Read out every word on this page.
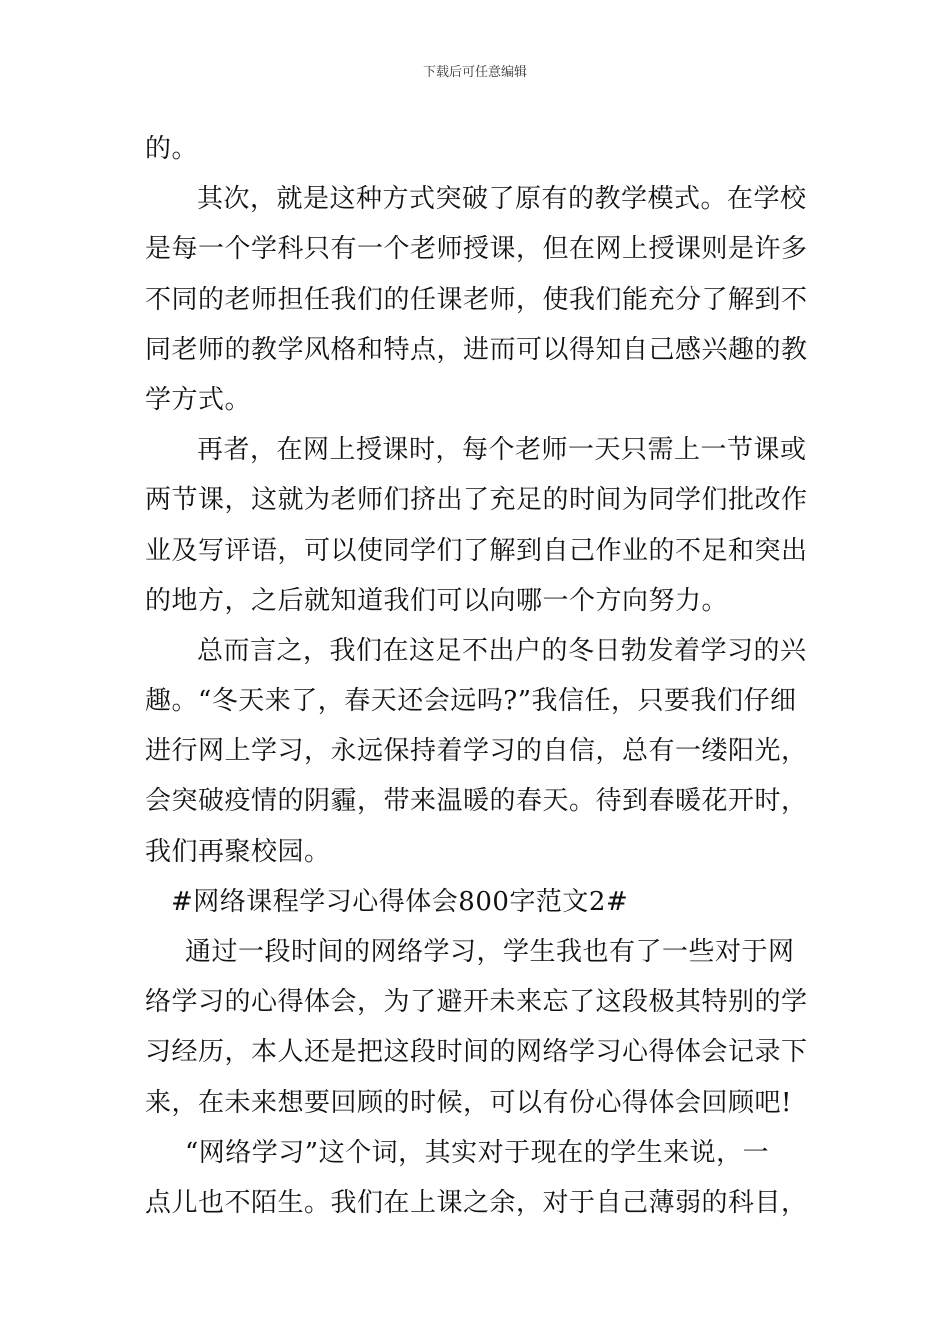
下载后可任意编辑
的。
其次，就是这种方式突破了原有的教学模式。在学校
是每一个学科只有一个老师授课，但在网上授课则是许多
不同的老师担任我们的任课老师，使我们能充分了解到不
同老师的教学风格和特点，进而可以得知自己感兴趣的教
学方式。
再者，在网上授课时，每个老师一天只需上一节课或
两节课，这就为老师们挤出了充足的时间为同学们批改作
业及写评语，可以使同学们了解到自己作业的不足和突出
的地方，之后就知道我们可以向哪一个方向努力。
总而言之，我们在这足不出户的冬日勃发着学习的兴
趣。“冬天来了，春天还会远吗?”我信任，只要我们仔细
进行网上学习，永远保持着学习的自信，总有一缕阳光，
会突破疫情的阴霾，带来温暖的春天。待到春暖花开时，
我们再聚校园。
#网络课程学习心得体会800字范文2#
通过一段时间的网络学习，学生我也有了一些对于网
络学习的心得体会，为了避开未来忘了这段极其特别的学
习经历，本人还是把这段时间的网络学习心得体会记录下
来，在未来想要回顾的时候，可以有份心得体会回顾吧!
“网络学习”这个词，其实对于现在的学生来说，一
点儿也不陌生。我们在上课之余，对于自己薄弱的科目，
